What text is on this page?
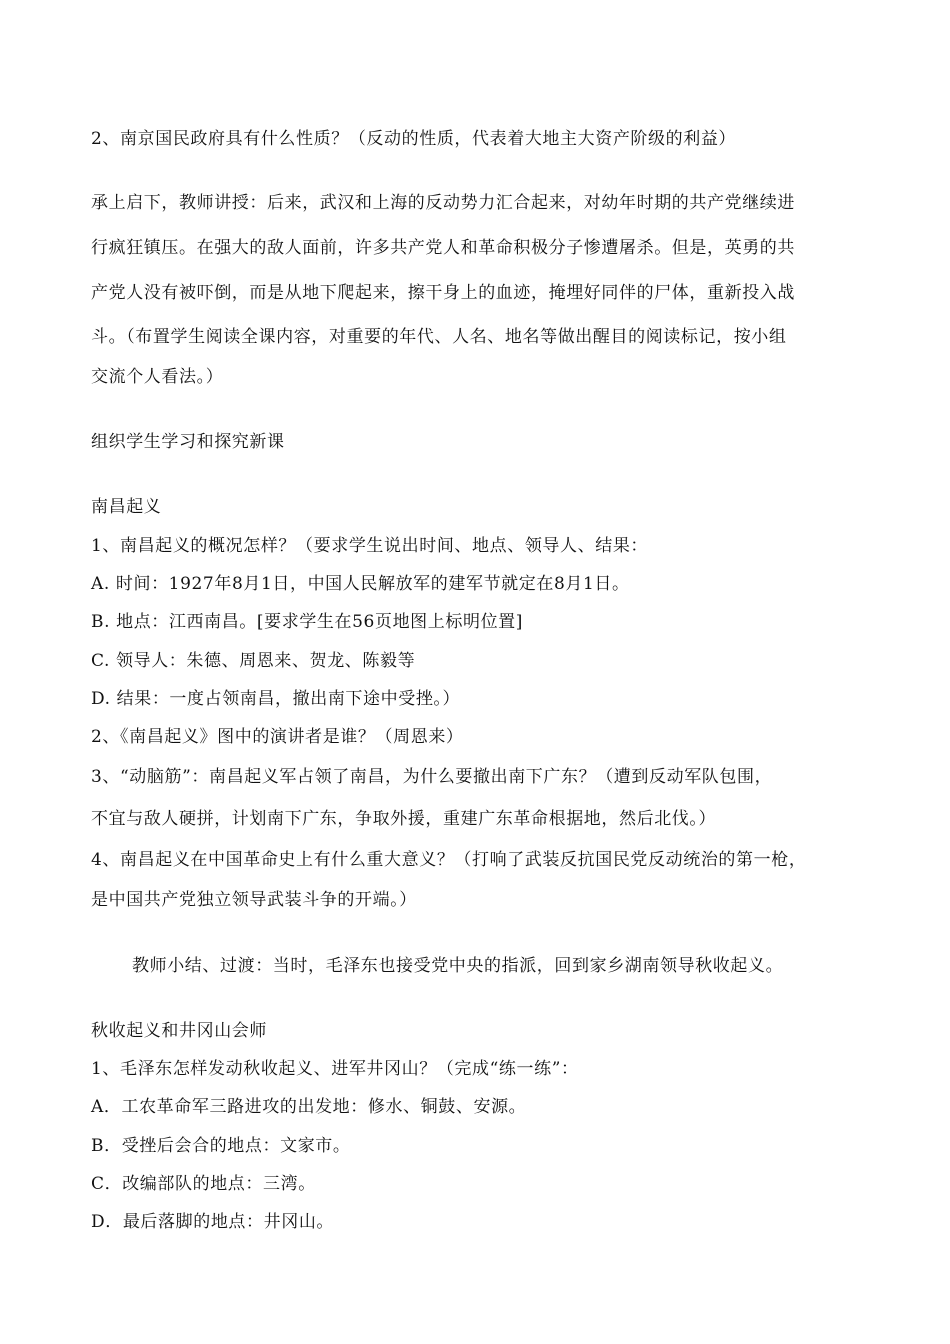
2、南京国民政府具有什么性质？（反动的性质，代表着大地主大资产阶级的利益）
承上启下，教师讲授：后来，武汉和上海的反动势力汇合起来，对幼年时期的共产党继续进
行疯狂镇压。在强大的敌人面前，许多共产党人和革命积极分子惨遭屠杀。但是，英勇的共
产党人没有被吓倒，而是从地下爬起来，擦干身上的血迹，掩埋好同伴的尸体，重新投入战
斗。（布置学生阅读全课内容，对重要的年代、人名、地名等做出醒目的阅读标记，按小组
交流个人看法。）
组织学生学习和探究新课
南昌起义
1、南昌起义的概况怎样？（要求学生说出时间、地点、领导人、结果：
A. 时间：1927年8月1日，中国人民解放军的建军节就定在8月1日。
B. 地点：江西南昌。[要求学生在56页地图上标明位置]
C. 领导人：朱德、周恩来、贺龙、陈毅等
D. 结果：一度占领南昌，撤出南下途中受挫。）
2、《南昌起义》图中的演讲者是谁？（周恩来）
3、“动脑筋”：南昌起义军占领了南昌，为什么要撤出南下广东？（遭到反动军队包围，
不宜与敌人硬拼，计划南下广东，争取外援，重建广东革命根据地，然后北伐。）
4、南昌起义在中国革命史上有什么重大意义？（打响了武装反抗国民党反动统治的第一枪，
是中国共产党独立领导武装斗争的开端。）
教师小结、过渡：当时，毛泽东也接受党中央的指派，回到家乡湖南领导秋收起义。
秋收起义和井冈山会师
1、毛泽东怎样发动秋收起义、进军井冈山？（完成“练一练”：
A．工农革命军三路进攻的出发地：修水、铜鼓、安源。
B．受挫后会合的地点：文家市。
C．改编部队的地点：三湾。
D．最后落脚的地点：井冈山。
